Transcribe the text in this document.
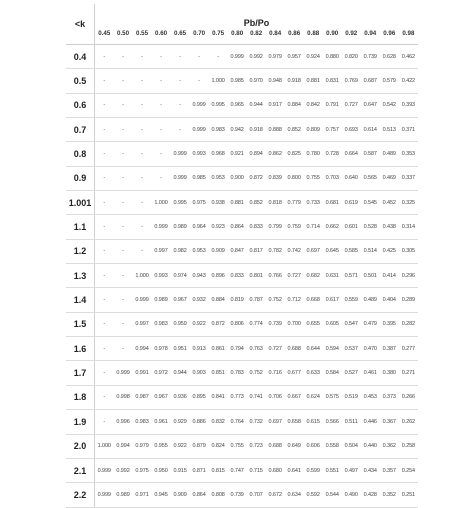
<k	Pb/Po																
	0.45	0.50	0.55	0.60	0.65	0.70	0.75	0.80	0.82	0.84	0.86	0.88	0.90	0.92	0.94	0.96	0.98
0.4	-	-	-	-	-	-	-	0.999	0.992	0.979	0.957	0.924	0.880	0.820	0.739	0.628	0.462
0.5	-	-	-	-	-	-	1.000	0.985	0.970	0.948	0.918	0.881	0.831	0.769	0.687	0.579	0.422
0.6	-	-	-	-	-	0.999	0.995	0.965	0.944	0.917	0.884	0.842	0.791	0.727	0.647	0.542	0.393
0.7	-	-	-	-	-	0.999	0.983	0.942	0.918	0.888	0.852	0.809	0.757	0.693	0.614	0.513	0.371
0.8	-	-	-	-	0.999	0.993	0.968	0.921	0.894	0.862	0.825	0.780	0.728	0.664	0.587	0.489	0.353
0.9	-	-	-	-	0.999	0.985	0.953	0.900	0.872	0.839	0.800	0.755	0.703	0.640	0.565	0.469	0.337
1.001	-	-	-	1.000	0.995	0.975	0.938	0.881	0.852	0.818	0.779	0.733	0.681	0.619	0.545	0.452	0.325
1.1	-	-	-	0.999	0.989	0.964	0.923	0.864	0.833	0.799	0.759	0.714	0.662	0.601	0.528	0.438	0.314
1.2	-	-	-	0.997	0.982	0.953	0.909	0.847	0.817	0.782	0.742	0.697	0.645	0.585	0.514	0.425	0.305
1.3	-	-	1.000	0.993	0.974	0.943	0.896	0.833	0.801	0.766	0.727	0.682	0.631	0.571	0.501	0.414	0.296
1.4	-	-	0.999	0.989	0.967	0.932	0.884	0.819	0.787	0.752	0.712	0.668	0.617	0.559	0.489	0.404	0.289
1.5	-	-	0.997	0.983	0.959	0.922	0.872	0.806	0.774	0.739	0.700	0.655	0.605	0.547	0.479	0.395	0.282
1.6	-	-	0.994	0.978	0.951	0.913	0.861	0.794	0.763	0.727	0.688	0.644	0.594	0.537	0.470	0.387	0.277
1.7	-	0.999	0.991	0.972	0.944	0.903	0.851	0.783	0.752	0.716	0.677	0.633	0.584	0.527	0.461	0.380	0.271
1.8	-	0.998	0.987	0.967	0.936	0.895	0.841	0.773	0.741	0.706	0.667	0.624	0.575	0.519	0.453	0.373	0.266
1.9	-	0.996	0.983	0.961	0.929	0.886	0.832	0.764	0.732	0.697	0.658	0.615	0.566	0.511	0.446	0.367	0.262
2.0	1.000	0.994	0.979	0.955	0.922	0.879	0.824	0.755	0.723	0.688	0.649	0.606	0.558	0.504	0.440	0.362	0.258
2.1	0.999	0.992	0.975	0.950	0.915	0.871	0.815	0.747	0.715	0.680	0.641	0.599	0.551	0.497	0.434	0.357	0.254
2.2	0.999	0.989	0.971	0.945	0.909	0.864	0.808	0.739	0.707	0.672	0.634	0.592	0.544	0.490	0.428	0.352	0.251
